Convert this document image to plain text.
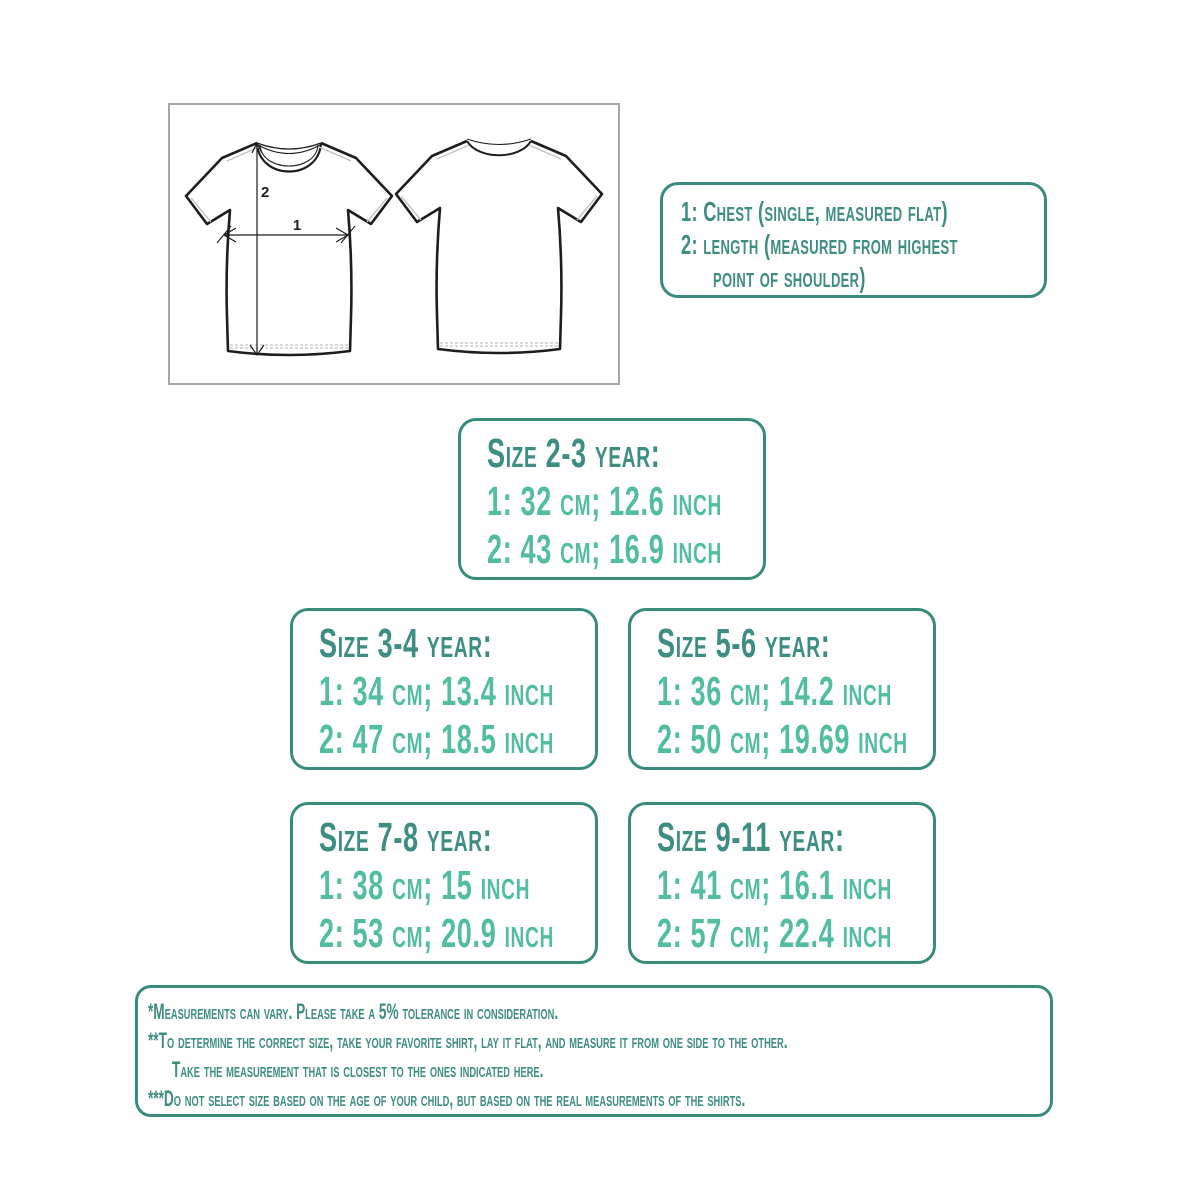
1
2
1: Chest (single, measured flat)
2: length (measured from highest
point of shoulder)
Size 2-3 year:
1: 32 cm; 12.6 inch
2: 43 cm; 16.9 inch
Size 3-4 year:
1: 34 cm; 13.4 inch
2: 47 cm; 18.5 inch
Size 5-6 year:
1: 36 cm; 14.2 inch
2: 50 cm; 19.69 inch
Size 7-8 year:
1: 38 cm; 15 inch
2: 53 cm; 20.9 inch
Size 9-11 year:
1: 41 cm; 16.1 inch
2: 57 cm; 22.4 inch
*Measurements can vary. Please take a 5% tolerance in consideration.
**To determine the correct size, take your favorite shirt, lay it flat, and measure it from one side to the other.
Take the measurement that is closest to the ones indicated here.
***Do not select size based on the age of your child, but based on the real measurements of the shirts.
